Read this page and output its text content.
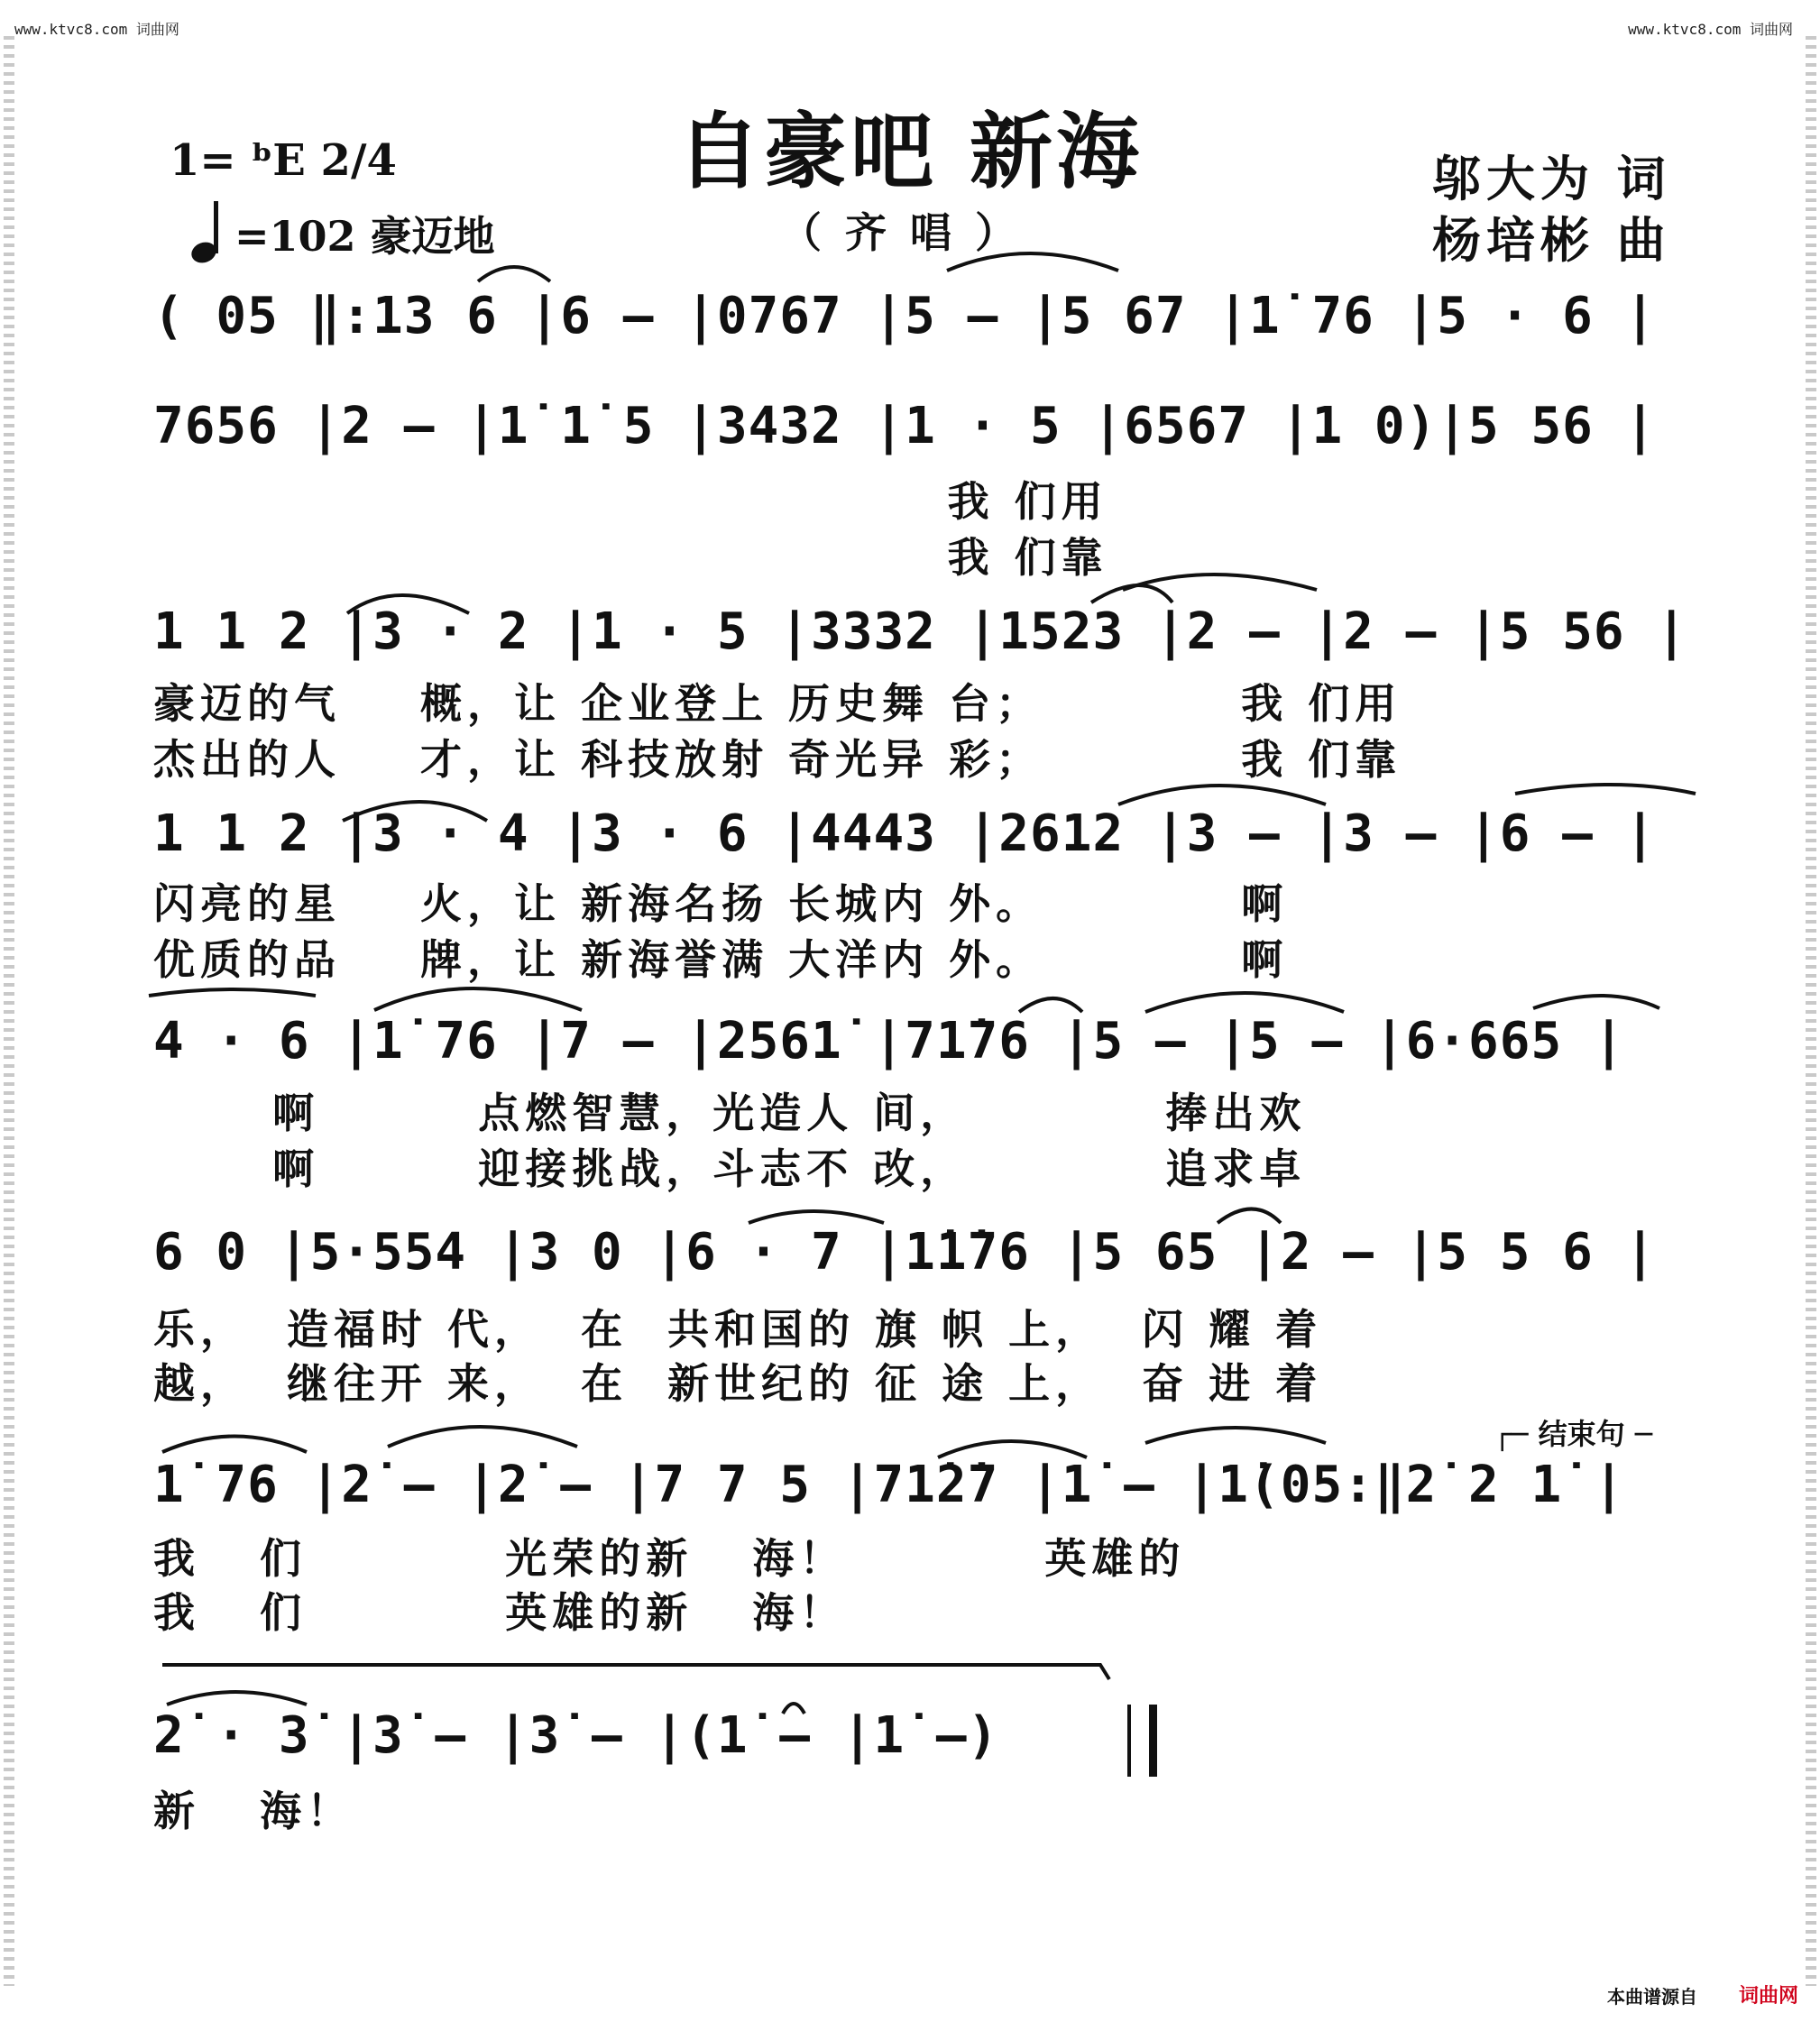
www.ktvc8.com 词曲网	www.ktvc8.com 词曲网
自豪吧 新海
（齐唱）
1= ᵇE 2/4
=102 豪迈地
邬大为 词
杨培彬 曲
( 05 ‖:13 6 |6 — |0767 |5 — |5 67 |1̇ 76 |5 · 6 |
7656 |2 — |1̇ 1̇ 5 |3432 |1 · 5 |6567 |1 0)|5 56 |
我 们用
我 们靠
1 1 2 |3 · 2 |1 · 5 |3332 |1523 |2 — |2 — |5 56 |
豪迈的气    概，让 企业登上 历史舞 台；          我 们用
杰出的人    才，让 科技放射 奇光异 彩；          我 们靠
1 1 2 |3 · 4 |3 · 6 |4443 |2612 |3 — |3 — |6 — |
闪亮的星    火，让 新海名扬 长城内 外。          啊
优质的品    牌，让 新海誉满 大洋内 外。          啊
4 · 6 |1̇ 76 |7 — |2561̇ |71̇76 |5 — |5 — |6·665 |
啊        点燃智慧，光造人 间，          捧出欢
啊        迎接挑战，斗志不 改，          追求卓
6 0 |5·554 |3 0 |6 · 7 |1̇1̇76 |5 65 |2 — |5 5 6 |
乐，  造福时 代，  在  共和国的 旗 帜 上，  闪 耀 着
越，  继往开 来，  在  新世纪的 征 途 上，  奋 进 着
┌─ 结束句 ─
1̇ 76 |2̇ — |2̇ — |7 7 5 |71̇2̇7 |1̇ — |1̇(05:‖2̇ 2 1̇ |
我   们          光荣的新   海！          英雄的
我   们          英雄的新   海！
2̇ · 3̇ |3̇ — |3̇ — |(1̇ — |1̇ —)
新   海！
本曲谱源自 词曲网
